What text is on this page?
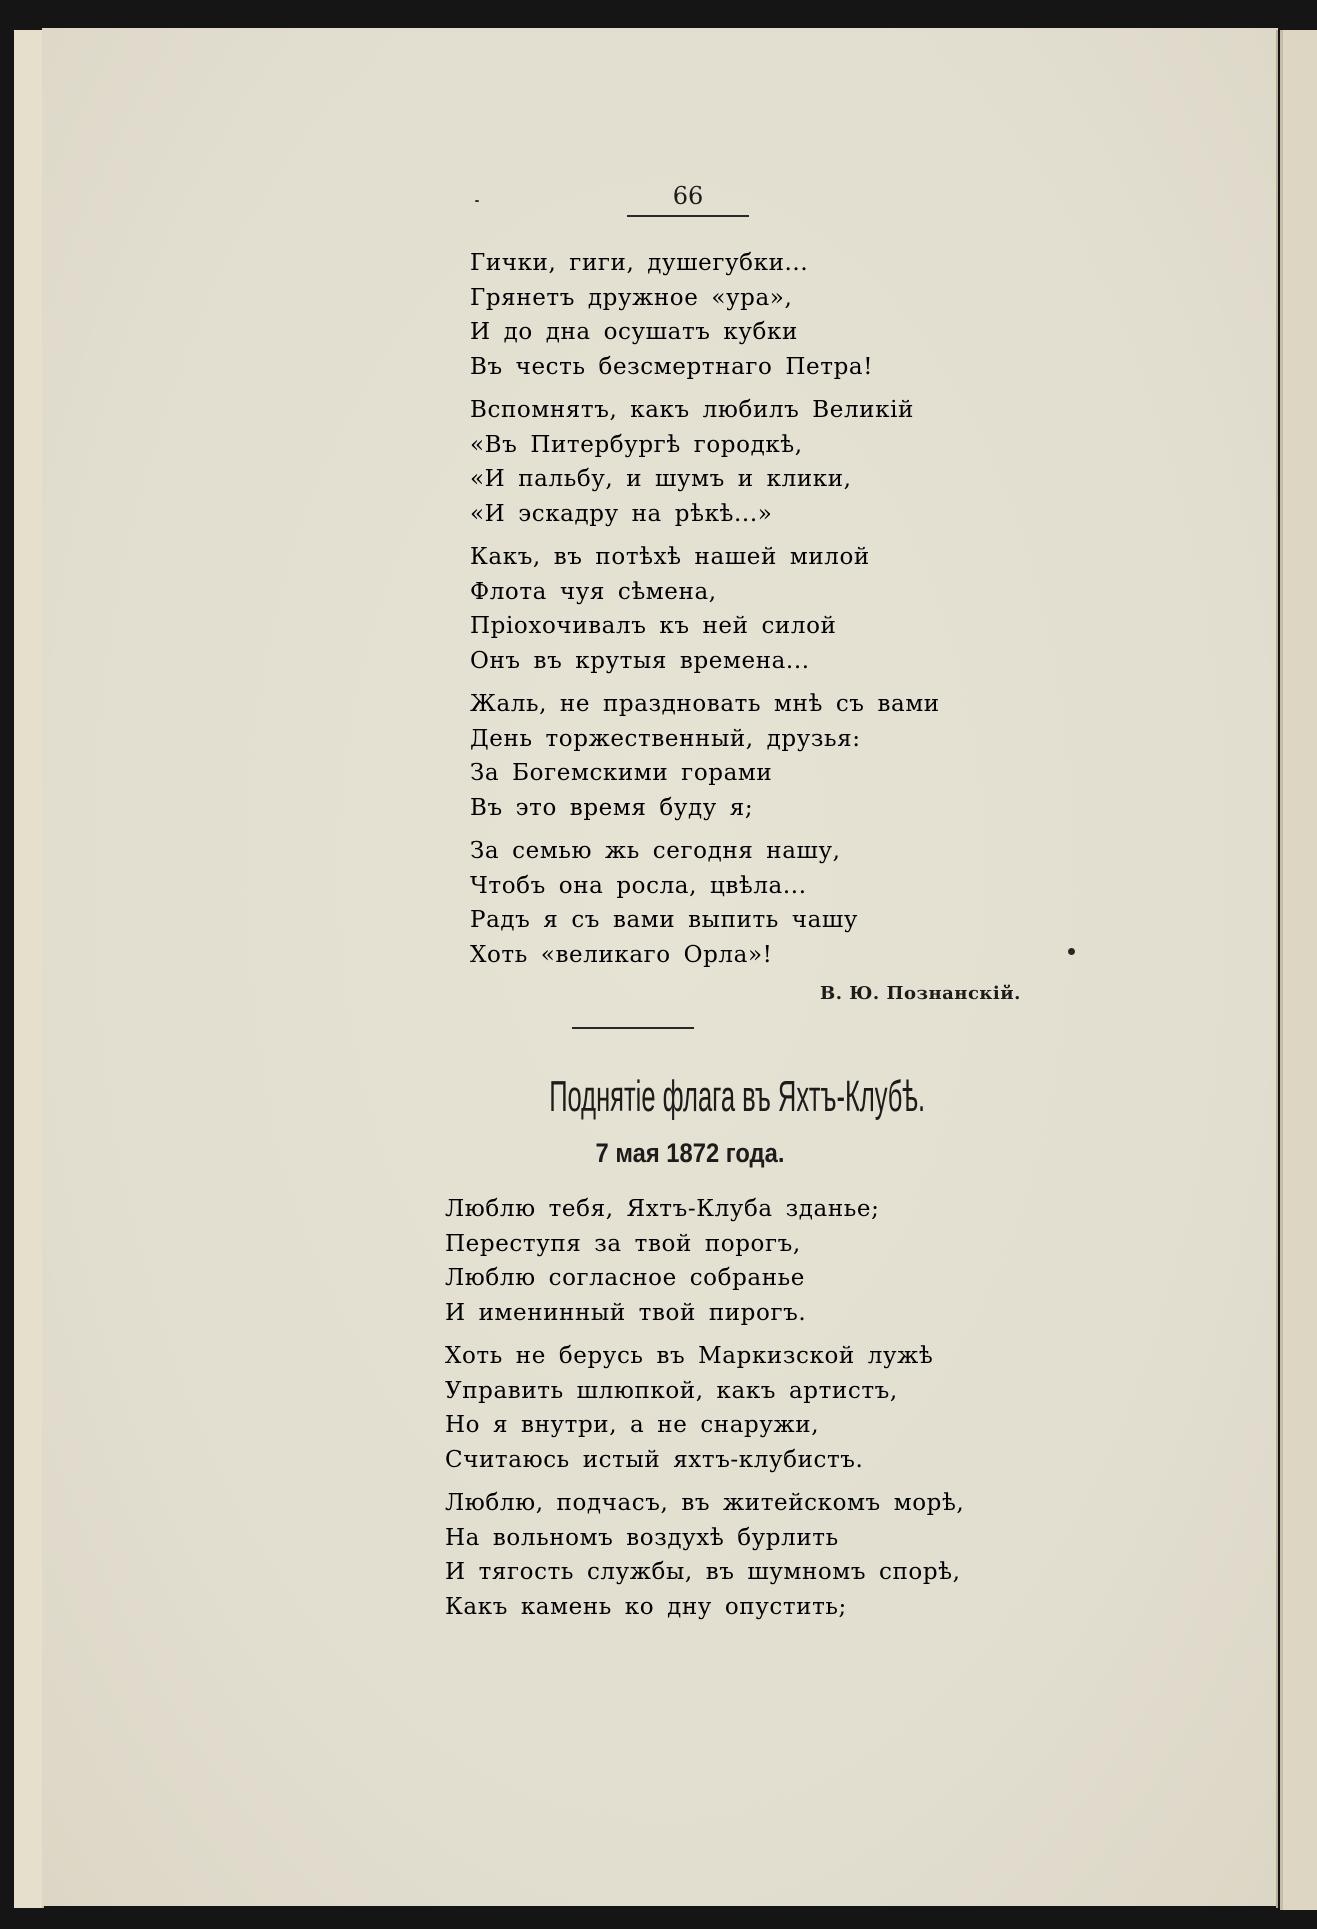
66
Гички, гиги, душегубки...
Грянетъ дружное «ура»,
И до дна осушатъ кубки
Въ честь безсмертнаго Петра!
Вспомнятъ, какъ любилъ Великій
«Въ Питербургѣ городкѣ,
«И пальбу, и шумъ и клики,
«И эскадру на рѣкѣ...»
Какъ, въ потѣхѣ нашей милой
Флота чуя сѣмена,
Пріохочивалъ къ ней силой
Онъ въ крутыя времена...
Жаль, не праздновать мнѣ съ вами
День торжественный, друзья:
За Богемскими горами
Въ это время буду я;
За семью жь сегодня нашу,
Чтобъ она росла, цвѣла...
Радъ я съ вами выпить чашу
Хоть «великаго Орла»!
В. Ю. Познанскій.
Поднятіе флага въ Яхтъ-Клубѣ.
7 мая 1872 года.
Люблю тебя, Яхтъ-Клуба зданье;
Переступя за твой порогъ,
Люблю согласное собранье
И именинный твой пирогъ.
Хоть не берусь въ Маркизской лужѣ
Управить шлюпкой, какъ артистъ,
Но я внутри, а не снаружи,
Считаюсь истый яхтъ-клубистъ.
Люблю, подчасъ, въ житейскомъ морѣ,
На вольномъ воздухѣ бурлить
И тягость службы, въ шумномъ спорѣ,
Какъ камень ко дну опустить;
